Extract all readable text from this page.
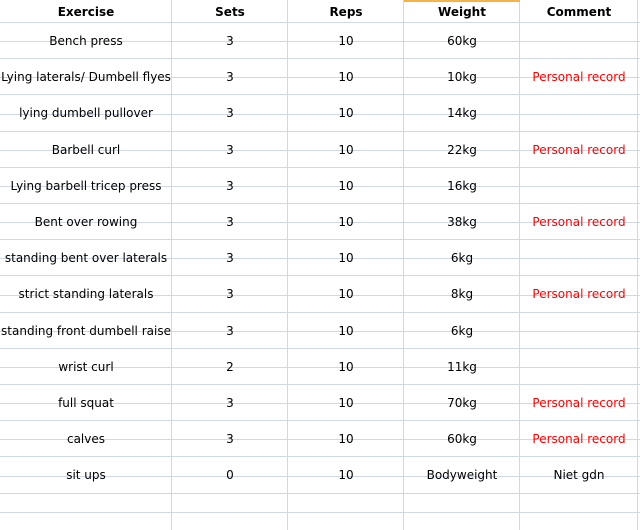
Exercise	Sets	Reps	Weight	Comment
Bench press	3	10	60kg
Lying laterals/ Dumbell flyes	3	10	10kg	Personal record
lying dumbell pullover	3	10	14kg
Barbell curl	3	10	22kg	Personal record
Lying barbell tricep press	3	10	16kg
Bent over rowing	3	10	38kg	Personal record
standing bent over laterals	3	10	6kg
strict standing laterals	3	10	8kg	Personal record
standing front dumbell raise	3	10	6kg
wrist curl	2	10	11kg
full squat	3	10	70kg	Personal record
calves	3	10	60kg	Personal record
sit ups	0	10	Bodyweight	Niet gdn
